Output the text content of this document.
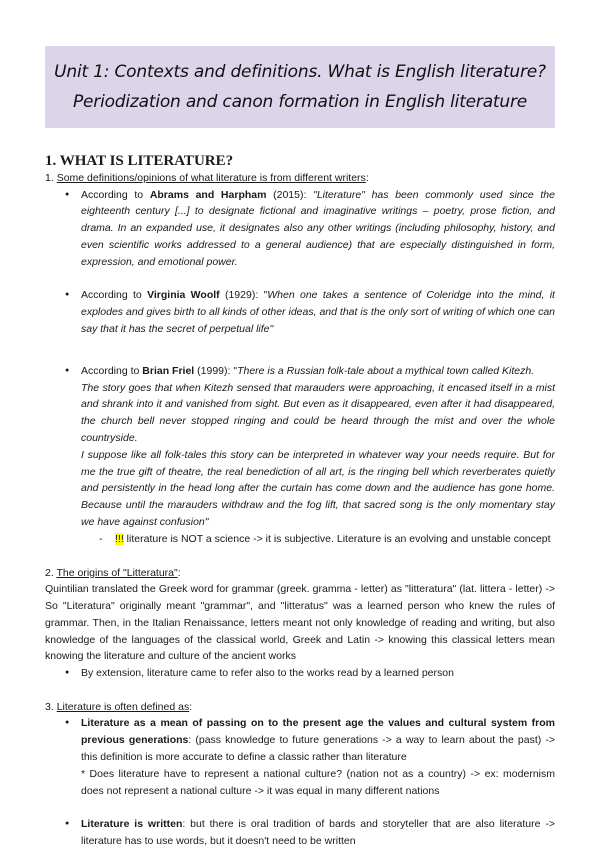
Unit 1: Contexts and definitions. What is English literature?
Periodization and canon formation in English literature
1. WHAT IS LITERATURE?
1. Some definitions/opinions of what literature is from different writers:
● According to Abrams and Harpham (2015): "Literature" has been commonly used since the eighteenth century [...] to designate fictional and imaginative writings – poetry, prose fiction, and drama. In an expanded use, it designates also any other writings (including philosophy, history, and even scientific works addressed to a general audience) that are especially distinguished in form, expression, and emotional power.
● According to Virginia Woolf (1929): "When one takes a sentence of Coleridge into the mind, it explodes and gives birth to all kinds of other ideas, and that is the only sort of writing of which one can say that it has the secret of perpetual life"
● According to Brian Friel (1999): "There is a Russian folk-tale about a mythical town called Kitezh.
The story goes that when Kitezh sensed that marauders were approaching, it encased itself in a mist and shrank into it and vanished from sight. But even as it disappeared, even after it had disappeared, the church bell never stopped ringing and could be heard through the mist and over the whole countryside.
I suppose like all folk-tales this story can be interpreted in whatever way your needs require. But for me the true gift of theatre, the real benediction of all art, is the ringing bell which reverberates quietly and persistently in the head long after the curtain has come down and the audience has gone home. Because until the marauders withdraw and the fog lift, that sacred song is the only momentary stay we have against confusion"
- !!! literature is NOT a science -> it is subjective. Literature is an evolving and unstable concept
2. The origins of "Litteratura":

Quintilian translated the Greek word for grammar (greek. gramma - letter) as "litteratura" (lat. littera - letter) -> So "Literatura" originally meant "grammar", and "litteratus" was a learned person who knew the rules of grammar. Then, in the Italian Renaissance, letters meant not only knowledge of reading and writing, but also knowledge of the languages of the classical world, Greek and Latin -> knowing this classical letters mean knowing the literature and culture of the ancient works

● By extension, literature came to refer also to the works read by a learned person
3. Literature is often defined as:
● Literature as a mean of passing on to the present age the values and cultural system from previous generations: (pass knowledge to future generations -> a way to learn about the past) -> this definition is more accurate to define a classic rather than literature
* Does literature have to represent a national culture? (nation not as a country) -> ex: modernism does not represent a national culture -> it was equal in many different nations
● Literature is written: but there is oral tradition of bards and storyteller that are also literature -> literature has to use words, but it doesn't need to be written
